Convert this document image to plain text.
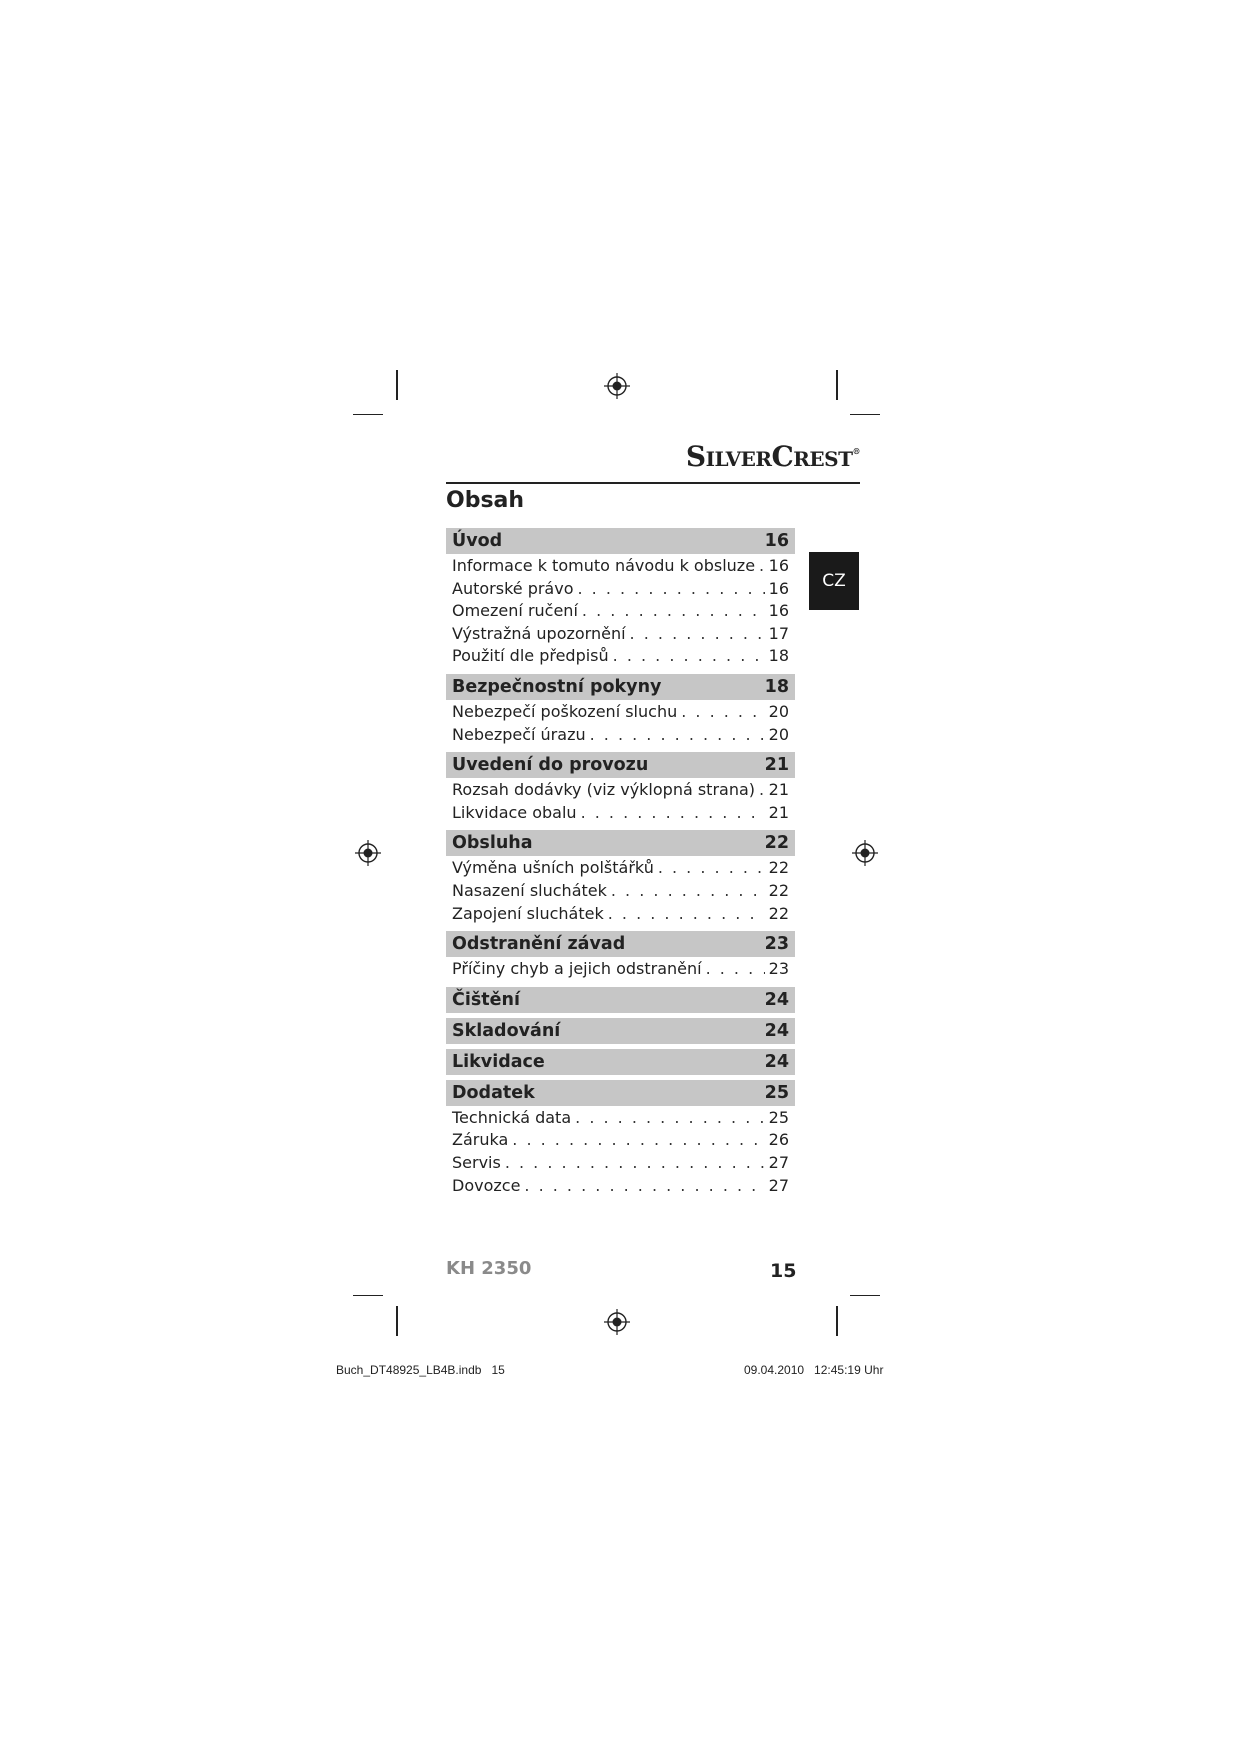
SilverCrest®
Obsah
CZ
Úvod	16
Informace k tomuto návodu k obsluze . . . 16
Autorské právo . . .	16
Omezení ručení . . .	16
Výstražná upozornění . . .	17
Použití dle předpisů . . .	18
Bezpečnostní pokyny	18
Nebezpečí poškození sluchu . . .	20
Nebezpečí úrazu . . .	20
Uvedení do provozu	21
Rozsah dodávky (viz výklopná strana) . . . 21
Likvidace obalu . . .	21
Obsluha	22
Výměna ušních polštářků . . .	22
Nasazení sluchátek . . .	22
Zapojení sluchátek . . .	22
Odstranění závad	23
Příčiny chyb a jejich odstranění . . .	23
Čištění	24
Skladování	24
Likvidace	24
Dodatek	25
Technická data . . .	25
Záruka . . .	26
Servis . . .	27
Dovozce . . .	27
KH 2350	15
Buch_DT48925_LB4B.indb   15	09.04.2010   12:45:19 Uhr
